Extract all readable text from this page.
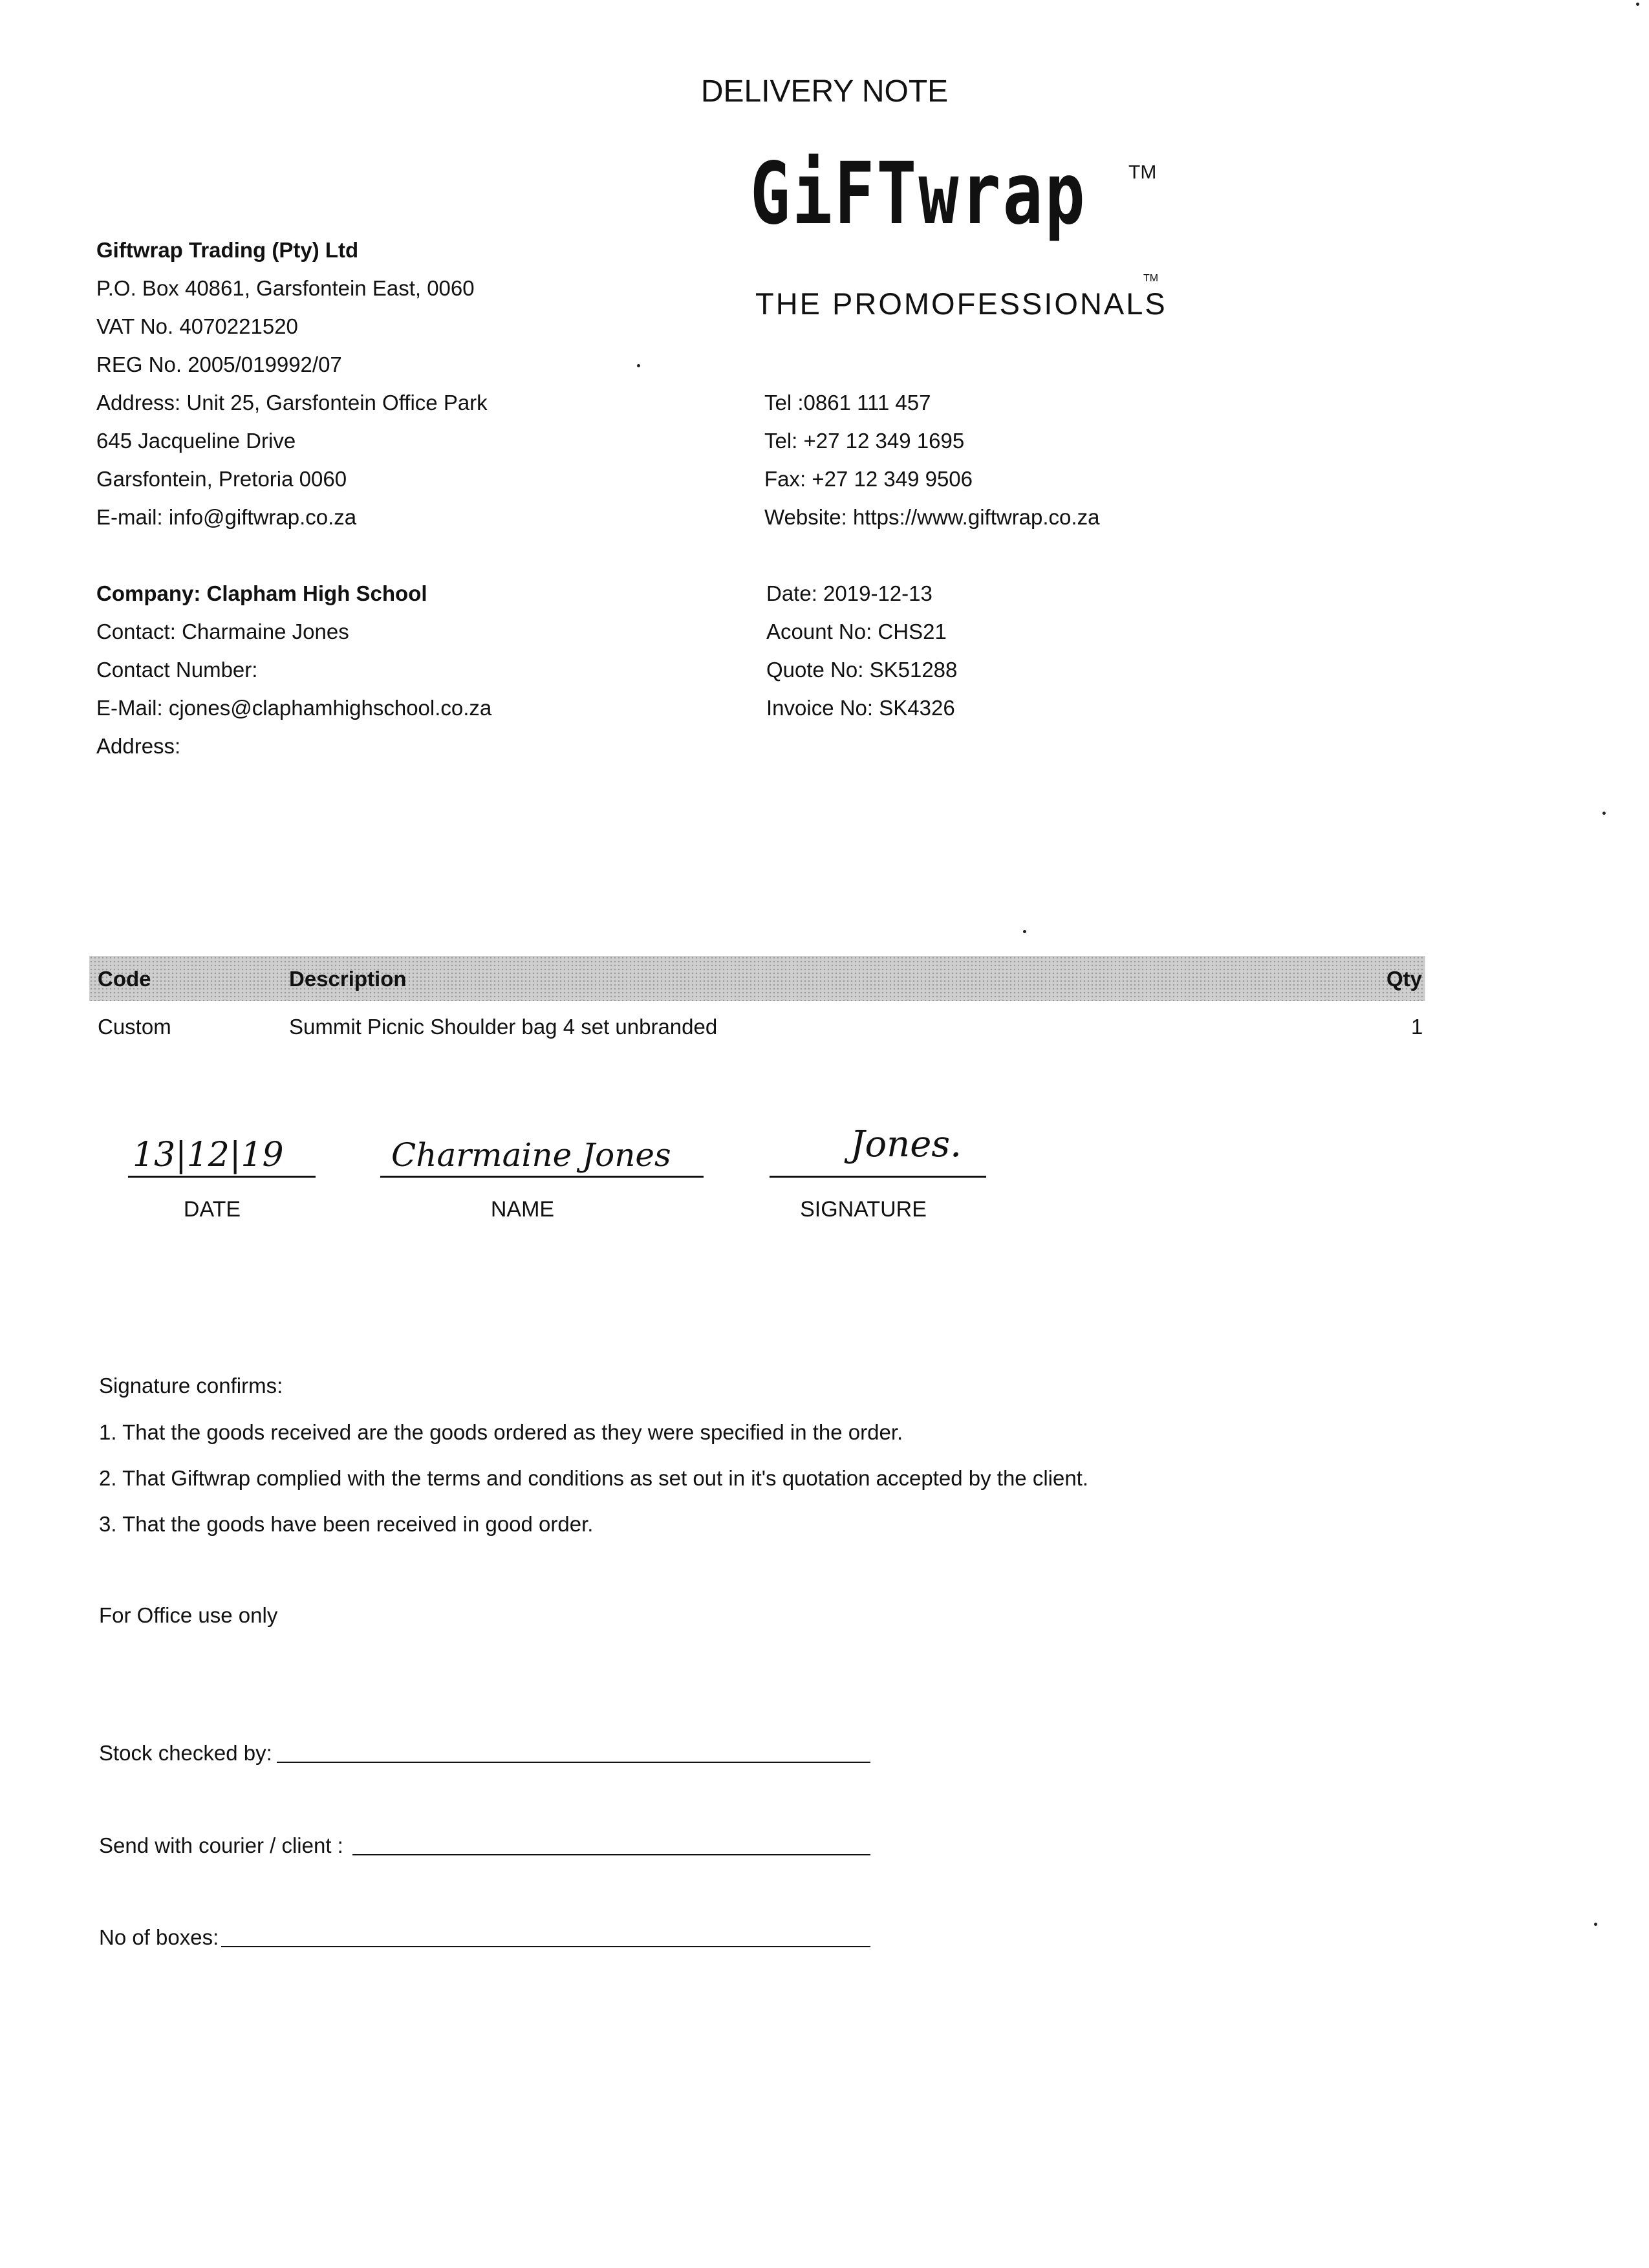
DELIVERY NOTE
GiFTwrap TM
THE PROMOFESSIONALS
TM
Giftwrap Trading (Pty) Ltd
P.O. Box 40861, Garsfontein East, 0060
VAT No. 4070221520
REG No. 2005/019992/07
Address: Unit 25, Garsfontein Office Park
645 Jacqueline Drive
Garsfontein, Pretoria 0060
E-mail: info@giftwrap.co.za
Tel :0861 111 457
Tel: +27 12 349 1695
Fax: +27 12 349 9506
Website: https://www.giftwrap.co.za
Company: Clapham High School
Contact: Charmaine Jones
Contact Number:
E-Mail: cjones@claphamhighschool.co.za
Address:
Date: 2019-12-13
Acount No: CHS21
Quote No: SK51288
Invoice No: SK4326
Code	Description	Qty
Custom	Summit Picnic Shoulder bag 4 set unbranded	1
13|12|19
DATE
Charmaine Jones
NAME
Jones.
SIGNATURE
Signature confirms:
1. That the goods received are the goods ordered as they were specified in the order.
2. That Giftwrap complied with the terms and conditions as set out in it's quotation accepted by the client.
3. That the goods have been received in good order.
For Office use only
Stock checked by:
Send with courier / client :
No of boxes:
